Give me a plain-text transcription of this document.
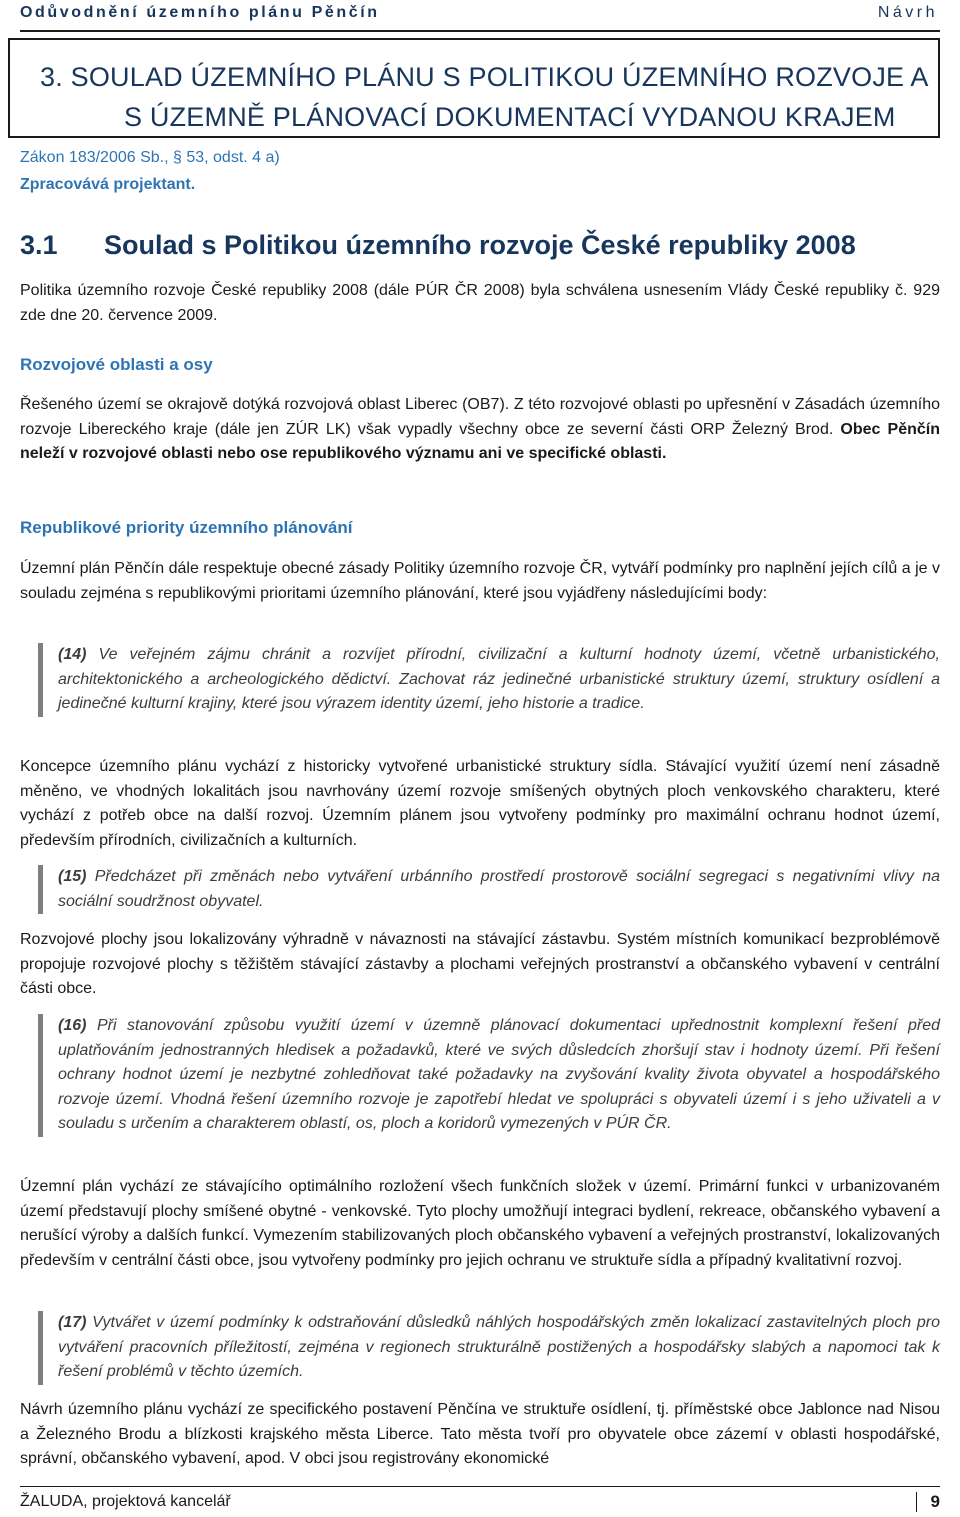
Odůvodnění územního plánu Pěnčín	Návrh
3. SOULAD ÚZEMNÍHO PLÁNU S POLITIKOU ÚZEMNÍHO ROZVOJE A
S ÚZEMNĚ PLÁNOVACÍ DOKUMENTACÍ VYDANOU KRAJEM
Zákon 183/2006 Sb., § 53, odst. 4 a)
Zpracovává projektant.
3.1 Soulad s Politikou územního rozvoje České republiky 2008
Politika územního rozvoje České republiky 2008 (dále PÚR ČR 2008) byla schválena usnesením Vlády České republiky č. 929 zde dne 20. července 2009.
Rozvojové oblasti a osy
Řešeného území se okrajově dotýká rozvojová oblast Liberec (OB7). Z této rozvojové oblasti po upřesnění v Zásadách územního rozvoje Libereckého kraje (dále jen ZÚR LK) však vypadly všechny obce ze severní části ORP Železný Brod. Obec Pěnčín neleží v rozvojové oblasti nebo ose republikového významu ani ve specifické oblasti.
Republikové priority územního plánování
Územní plán Pěnčín dále respektuje obecné zásady Politiky územního rozvoje ČR, vytváří podmínky pro naplnění jejích cílů a je v souladu zejména s republikovými prioritami územního plánování, které jsou vyjádřeny následujícími body:
(14) Ve veřejném zájmu chránit a rozvíjet přírodní, civilizační a kulturní hodnoty území, včetně urbanistického, architektonického a archeologického dědictví. Zachovat ráz jedinečné urbanistické struktury území, struktury osídlení a jedinečné kulturní krajiny, které jsou výrazem identity území, jeho historie a tradice.
Koncepce územního plánu vychází z historicky vytvořené urbanistické struktury sídla. Stávající využití území není zásadně měněno, ve vhodných lokalitách jsou navrhovány území rozvoje smíšených obytných ploch venkovského charakteru, které vychází z potřeb obce na další rozvoj. Územním plánem jsou vytvořeny podmínky pro maximální ochranu hodnot území, především přírodních, civilizačních a kulturních.
(15) Předcházet při změnách nebo vytváření urbánního prostředí prostorově sociální segregaci s negativními vlivy na sociální soudržnost obyvatel.
Rozvojové plochy jsou lokalizovány výhradně v návaznosti na stávající zástavbu. Systém místních komunikací bezproblémově propojuje rozvojové plochy s těžištěm stávající zástavby a plochami veřejných prostranství a občanského vybavení v centrální části obce.
(16) Při stanovování způsobu využití území v územně plánovací dokumentaci upřednostnit komplexní řešení před uplatňováním jednostranných hledisek a požadavků, které ve svých důsledcích zhoršují stav i hodnoty území. Při řešení ochrany hodnot území je nezbytné zohledňovat také požadavky na zvyšování kvality života obyvatel a hospodářského rozvoje území. Vhodná řešení územního rozvoje je zapotřebí hledat ve spolupráci s obyvateli území i s jeho uživateli a v souladu s určením a charakterem oblastí, os, ploch a koridorů vymezených v PÚR ČR.
Územní plán vychází ze stávajícího optimálního rozložení všech funkčních složek v území. Primární funkci v urbanizovaném území představují plochy smíšené obytné - venkovské. Tyto plochy umožňují integraci bydlení, rekreace, občanského vybavení a nerušící výroby a dalších funkcí. Vymezením stabilizovaných ploch občanského vybavení a veřejných prostranství, lokalizovaných především v centrální části obce, jsou vytvořeny podmínky pro jejich ochranu ve struktuře sídla a případný kvalitativní rozvoj.
(17) Vytvářet v území podmínky k odstraňování důsledků náhlých hospodářských změn lokalizací zastavitelných ploch pro vytváření pracovních příležitostí, zejména v regionech strukturálně postižených a hospodářsky slabých a napomoci tak k řešení problémů v těchto územích.
Návrh územního plánu vychází ze specifického postavení Pěnčína ve struktuře osídlení, tj. příměstské obce Jablonce nad Nisou a Železného Brodu a blízkosti krajského města Liberce. Tato města tvoří pro obyvatele obce zázemí v oblasti hospodářské, správní, občanského vybavení, apod. V obci jsou registrovány ekonomické
ŽALUDA, projektová kancelář	9
